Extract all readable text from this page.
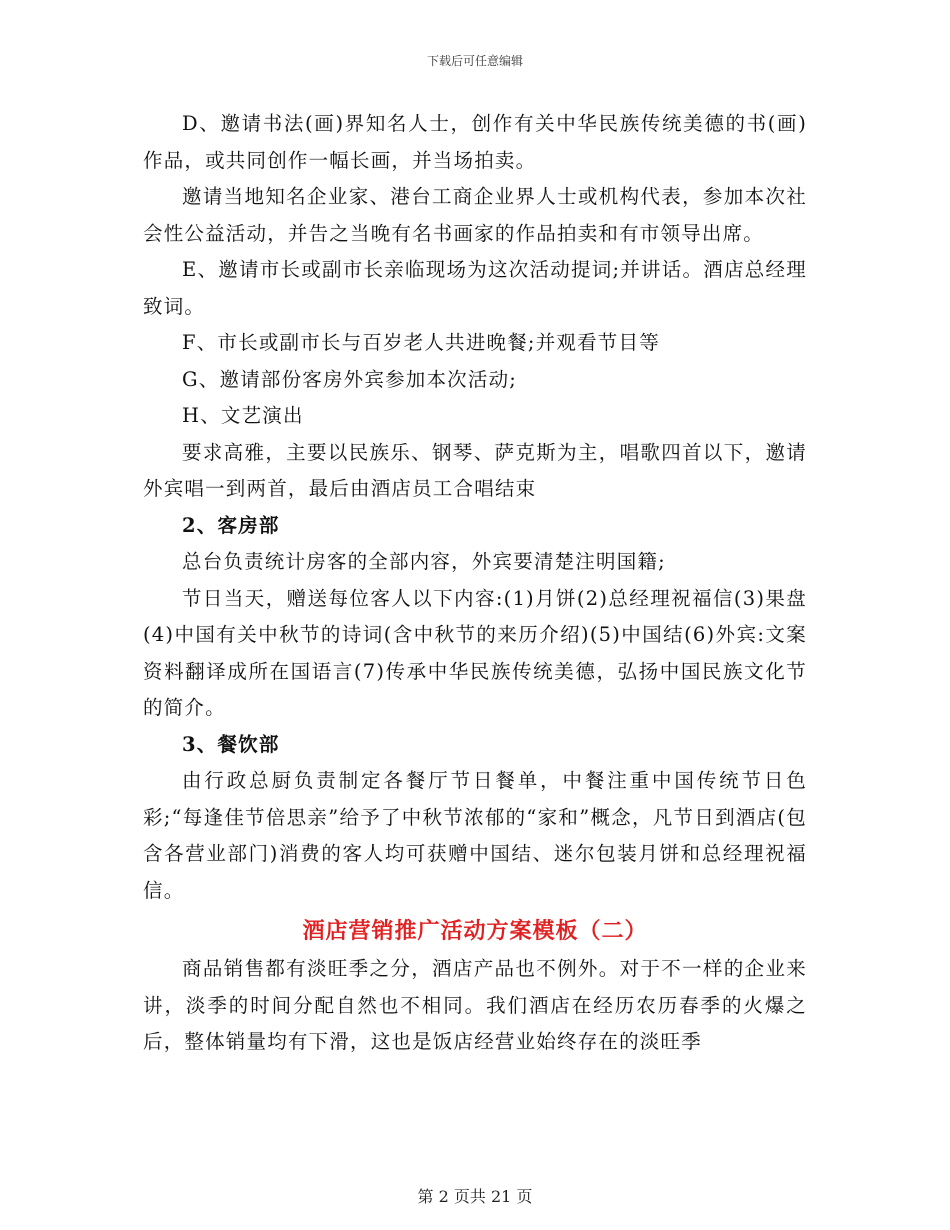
下载后可任意编辑

D、邀请书法(画)界知名人士，创作有关中华民族传统美德的书(画)作品，或共同创作一幅长画，并当场拍卖。

邀请当地知名企业家、港台工商企业界人士或机构代表，参加本次社会性公益活动，并告之当晚有名书画家的作品拍卖和有市领导出席。

E、邀请市长或副市长亲临现场为这次活动提词;并讲话。酒店总经理致词。

F、市长或副市长与百岁老人共进晚餐;并观看节目等

G、邀请部份客房外宾参加本次活动;

H、文艺演出

要求高雅，主要以民族乐、钢琴、萨克斯为主，唱歌四首以下，邀请外宾唱一到两首，最后由酒店员工合唱结束

2、客房部

总台负责统计房客的全部内容，外宾要清楚注明国籍;

节日当天，赠送每位客人以下内容:(1)月饼(2)总经理祝福信(3)果盘(4)中国有关中秋节的诗词(含中秋节的来历介绍)(5)中国结(6)外宾:文案资料翻译成所在国语言(7)传承中华民族传统美德，弘扬中国民族文化节的简介。

3、餐饮部

由行政总厨负责制定各餐厅节日餐单，中餐注重中国传统节日色彩;“每逢佳节倍思亲”给予了中秋节浓郁的“家和”概念，凡节日到酒店(包含各营业部门)消费的客人均可获赠中国结、迷尔包装月饼和总经理祝福信。

酒店营销推广活动方案模板（二）

商品销售都有淡旺季之分，酒店产品也不例外。对于不一样的企业来讲，淡季的时间分配自然也不相同。我们酒店在经历农历春季的火爆之后，整体销量均有下滑，这也是饭店经营业始终存在的淡旺季

第 2 页共 21 页
